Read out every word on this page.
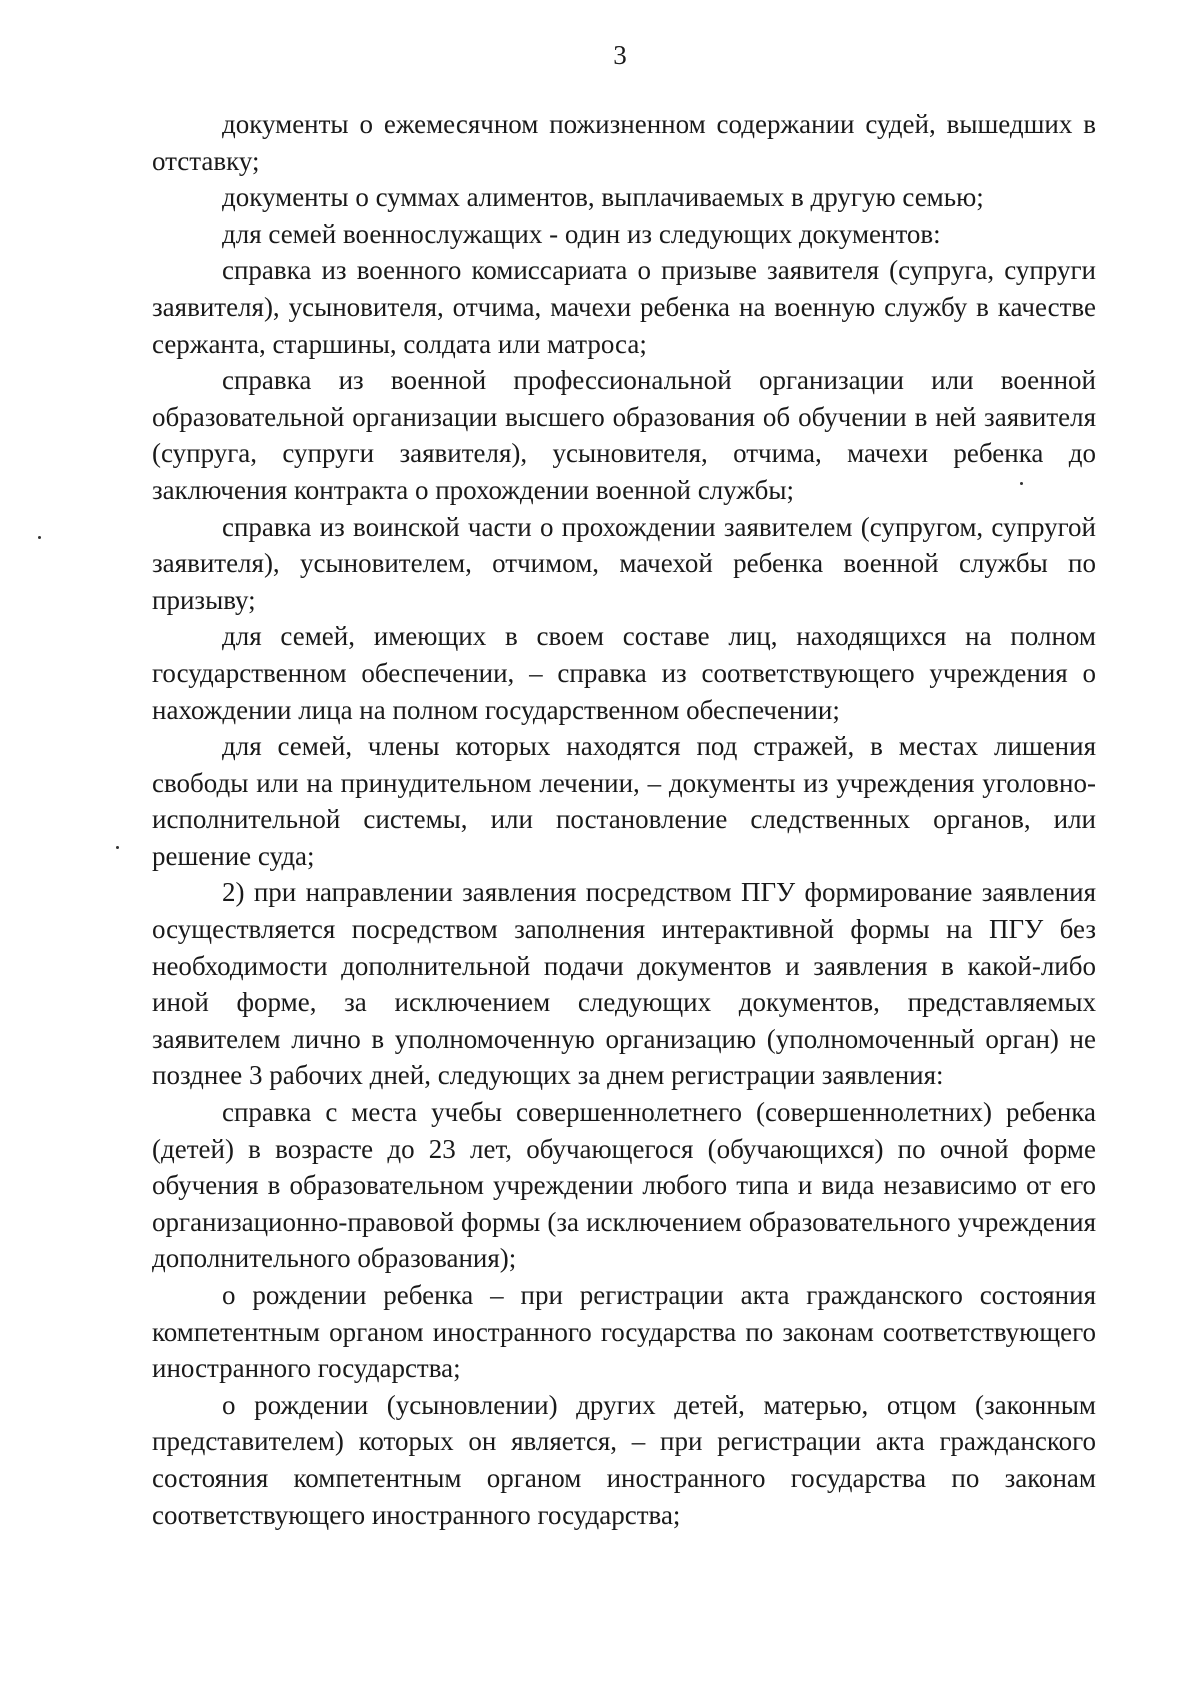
3

документы о ежемесячном пожизненном содержании судей, вышедших в отставку;

документы о суммах алиментов, выплачиваемых в другую семью;

для семей военнослужащих - один из следующих документов:

справка из военного комиссариата о призыве заявителя (супруга, супруги заявителя), усыновителя, отчима, мачехи ребенка на военную службу в качестве сержанта, старшины, солдата или матроса;

справка из военной профессиональной организации или военной образовательной организации высшего образования об обучении в ней заявителя (супруга, супруги заявителя), усыновителя, отчима, мачехи ребенка до заключения контракта о прохождении военной службы;

справка из воинской части о прохождении заявителем (супругом, супругой заявителя), усыновителем, отчимом, мачехой ребенка военной службы по призыву;

для семей, имеющих в своем составе лиц, находящихся на полном государственном обеспечении, – справка из соответствующего учреждения о нахождении лица на полном государственном обеспечении;

для семей, члены которых находятся под стражей, в местах лишения свободы или на принудительном лечении, – документы из учреждения уголовно-исполнительной системы, или постановление следственных органов, или решение суда;

2) при направлении заявления посредством ПГУ формирование заявления осуществляется посредством заполнения интерактивной формы на ПГУ без необходимости дополнительной подачи документов и заявления в какой-либо иной форме, за исключением следующих документов, представляемых заявителем лично в уполномоченную организацию (уполномоченный орган) не позднее 3 рабочих дней, следующих за днем регистрации заявления:

справка с места учебы совершеннолетнего (совершеннолетних) ребенка (детей) в возрасте до 23 лет, обучающегося (обучающихся) по очной форме обучения в образовательном учреждении любого типа и вида независимо от его организационно-правовой формы (за исключением образовательного учреждения дополнительного образования);

о рождении ребенка – при регистрации акта гражданского состояния компетентным органом иностранного государства по законам соответствующего иностранного государства;

о рождении (усыновлении) других детей, матерью, отцом (законным представителем) которых он является, – при регистрации акта гражданского состояния компетентным органом иностранного государства по законам соответствующего иностранного государства;
